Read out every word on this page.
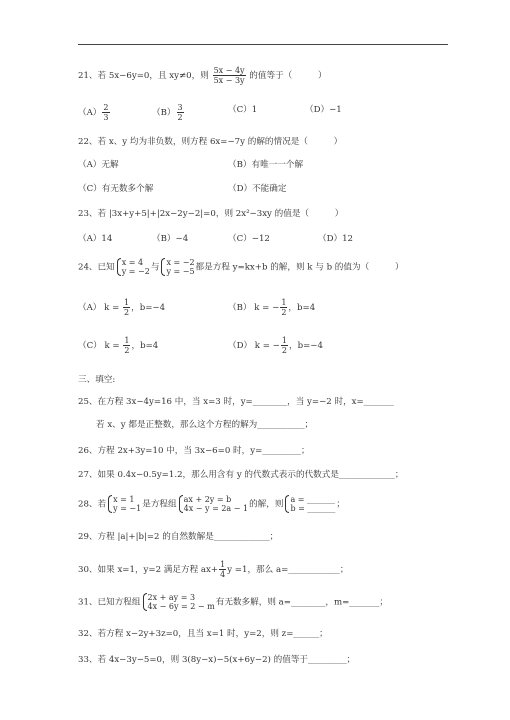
21、若 5x−6y=0，且 xy≠0，则 $\frac{5x - 4y}{5x - 3y}$ 的值等于（　　　）
$(A) \frac{2}{3}$	$(B) \frac{3}{2}$	（C）1	（D）−1
22、若 x、y 均为非负数，则方程 6x=−7y 的解的情况是（　　　）
（A）无解	（B）有唯一一个解
（C）有无数多个解	（D）不能确定
23、若 |3x+y+5|+|2x−2y−2|=0，则 2x²−3xy 的值是（　　　）
（A）14	（B）−4	（C）−12	（D）12
24、已知 x = 4
y = −2 与 x = −2
y = −5 都是方程 y=kx+b 的解，则 k 与 b 的值为（　　　）
（A） $k = \frac{1}{2}$ ，b=−4	（B） k = − $\frac{1}{2}$ ，b=4
（C） $k = \frac{1}{2}$ ，b=4	（D） k = − $\frac{1}{2}$ ，b=−4
三、填空:
25、在方程 3x−4y=16 中，当 x=3 时，y=________，当 y=−2 时，x=_______
若 x、y 都是正整数，那么这个方程的解为___________；
26、方程 2x+3y=10 中，当 3x−6=0 时，y=_________；
27、如果 0.4x−0.5y=1.2，那么用含有 y 的代数式表示的代数式是_____________；
28、若 x = 1
y = −1 是方程组 ax + 2y = b
4x − y = 2a − 1 的解，则 a = _______
b = _______ ；
29、方程 |a|+|b|=2 的自然数解是_____________；
30、如果 x=1，y=2 满足方程 $ax+ \frac{1}{4}$ y =1，那么 a=____________；
31、已知方程组 2x + ay = 3
4x − 6y = 2 − m 有无数多解，则 a=________，m=_______；
32、若方程 x−2y+3z=0，且当 x=1 时，y=2，则 z=______；
33、若 4x−3y−5=0，则 3(8y−x)−5(x+6y−2) 的值等于_________；
